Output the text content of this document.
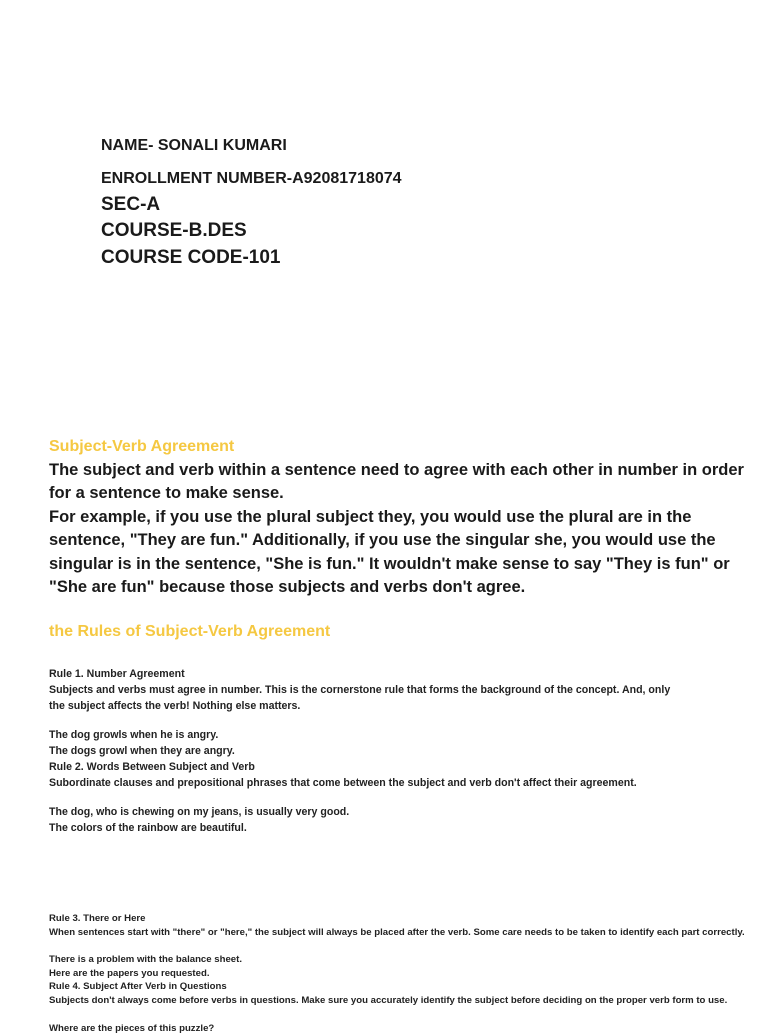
NAME- SONALI KUMARI
ENROLLMENT NUMBER-A92081718074
SEC-A
COURSE-B.DES
COURSE CODE-101
Subject-Verb Agreement

The subject and verb within a sentence need to agree with each other in number in order for a sentence to make sense.

For example, if you use the plural subject they, you would use the plural are in the sentence, "They are fun." Additionally, if you use the singular she, you would use the singular is in the sentence, "She is fun." It wouldn't make sense to say "They is fun" or "She are fun" because those subjects and verbs don't agree.

the Rules of Subject-Verb Agreement
Rule 1. Number Agreement
Subjects and verbs must agree in number. This is the cornerstone rule that forms the background of the concept. And, only
the subject affects the verb! Nothing else matters.
The dog growls when he is angry.
The dogs growl when they are angry.
Rule 2. Words Between Subject and Verb
Subordinate clauses and prepositional phrases that come between the subject and verb don't affect their agreement.
The dog, who is chewing on my jeans, is usually very good.
The colors of the rainbow are beautiful.
Rule 3. There or Here
When sentences start with "there" or "here," the subject will always be placed after the verb. Some care needs to be taken to identify each part correctly.
There is a problem with the balance sheet.
Here are the papers you requested.
Rule 4. Subject After Verb in Questions
Subjects don't always come before verbs in questions. Make sure you accurately identify the subject before deciding on the proper verb form to use.
Where are the pieces of this puzzle?
